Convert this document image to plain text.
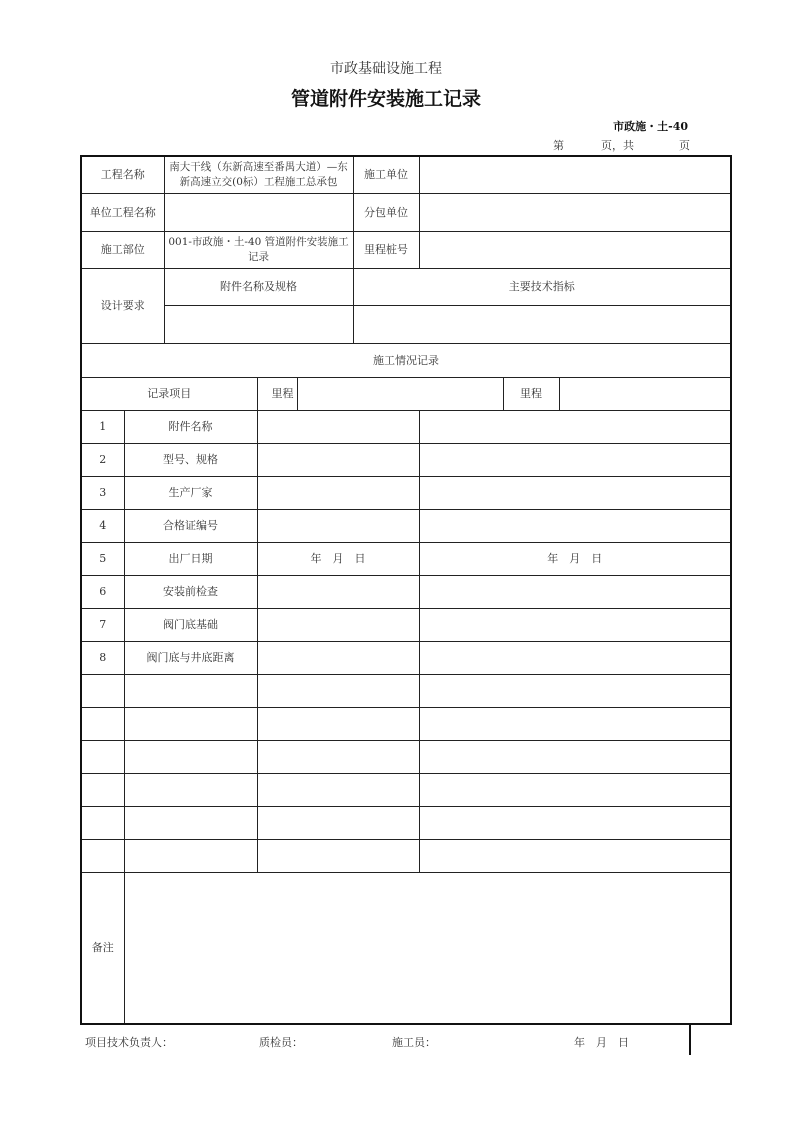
市政基础设施工程
管道附件安装施工记录
市政施・土-40
第	页，共	页
工程名称		南大干线（东新高速至番禺大道）—东新高速立交(0标）工程施工总承包			施工单位			
单位工程名称					分包单位			
施工部位		001-市政施・土-40 管道附件安装施工记录			里程桩号			
设计要求		附件名称及规格			主要技术指标			

施工情况记录								
记录项目			里程				里程	
1	附件名称							
2	型号、规格							
3	生产厂家							
4	合格证编号							
5	出厂日期		年　月　日			年　月　日		
6	安装前检查							
7	阀门底基础							
8	阀门底与井底距离							

备注								
项目技术负责人：	质检员：	施工员：	年　月　日
